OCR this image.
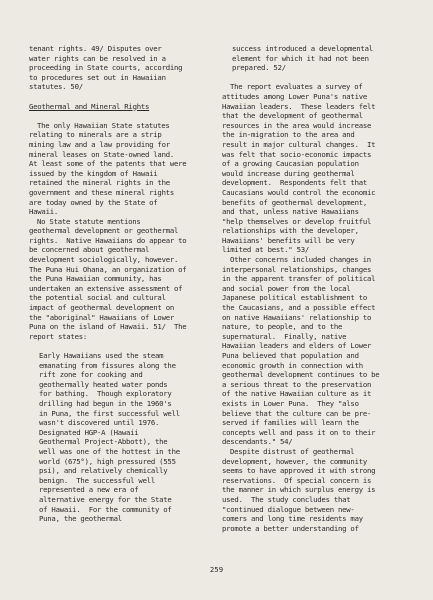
tenant rights. 49/ Disputes over

water rights can be resolved in a

proceeding in State courts, according

to procedures set out in Hawaiian

statutes. 50/

Geothermal and Mineral Rights

The only Hawaiian State statutes

relating to minerals are a strip

mining law and a law providing for

mineral leases on State-owned land.

At least some of the patents that were

issued by the kingdom of Hawaii

retained the mineral rights in the

government and these mineral rights

are today owned by the State of

Hawaii.

No State statute mentions

geothermal development or geothermal

rights.  Native Hawaiians do appear to

be concerned about geothermal

development sociologically, however.

The Puna Hui Ohana, an organization of

the Puna Hawaiian community, has

undertaken an extensive assessment of

the potential social and cultural

impact of geothermal development on

the "aboriginal" Hawaiians of Lower

Puna on the island of Hawaii. 51/  The

report states:

Early Hawaiians used the steam

emanating from fissures along the

rift zone for cooking and

geothermally heated water ponds

for bathing.  Though exploratory

drilling had begun in the 1960's

in Puna, the first successful well

wasn't discovered until 1976.

Designated HGP-A (Hawaii

Geothermal Project-Abbott), the

well was one of the hottest in the

world (675°), high pressured (555

psi), and relatively chemically

benign.  The successful well

represented a new era of

alternative energy for the State

of Hawaii.  For the community of

Puna, the geothermal

success introduced a developmental

element for which it had not been

prepared. 52/

The report evaluates a survey of

attitudes among Lower Puna's native

Hawaiian leaders.  These leaders felt

that the development of geothermal

resources in the area would increase

the in-migration to the area and

result in major cultural changes.  It

was felt that socio-economic impacts

of a growing Caucasian population

would increase during geothermal

development.  Respondents felt that

Caucasians would control the economic

benefits of geothermal development,

and that, unless native Hawaiians

"help themselves or develop fruitful

relationships with the developer,

Hawaiians' benefits will be very

limited at best." 53/

Other concerns included changes in

interpersonal relationships, changes

in the apparent transfer of political

and social power from the local

Japanese political establishment to

the Caucasians, and a possible effect

on native Hawaiians' relationship to

nature, to people, and to the

supernatural.  Finally, native

Hawaiian leaders and elders of Lower

Puna believed that population and

economic growth in connection with

geothermal development continues to be

a serious threat to the preservation

of the native Hawaiian culture as it

exists in Lower Puna.  They "also

believe that the culture can be pre-

served if families will learn the

concepts well and pass it on to their

descendants." 54/

Despite distrust of geothermal

development, however, the community

seems to have approved it with strong

reservations.  Of special concern is

the manner in which surplus energy is

used.  The study concludes that

"continued dialogue between new-

comers and long time residents may

promote a better understanding of

259
